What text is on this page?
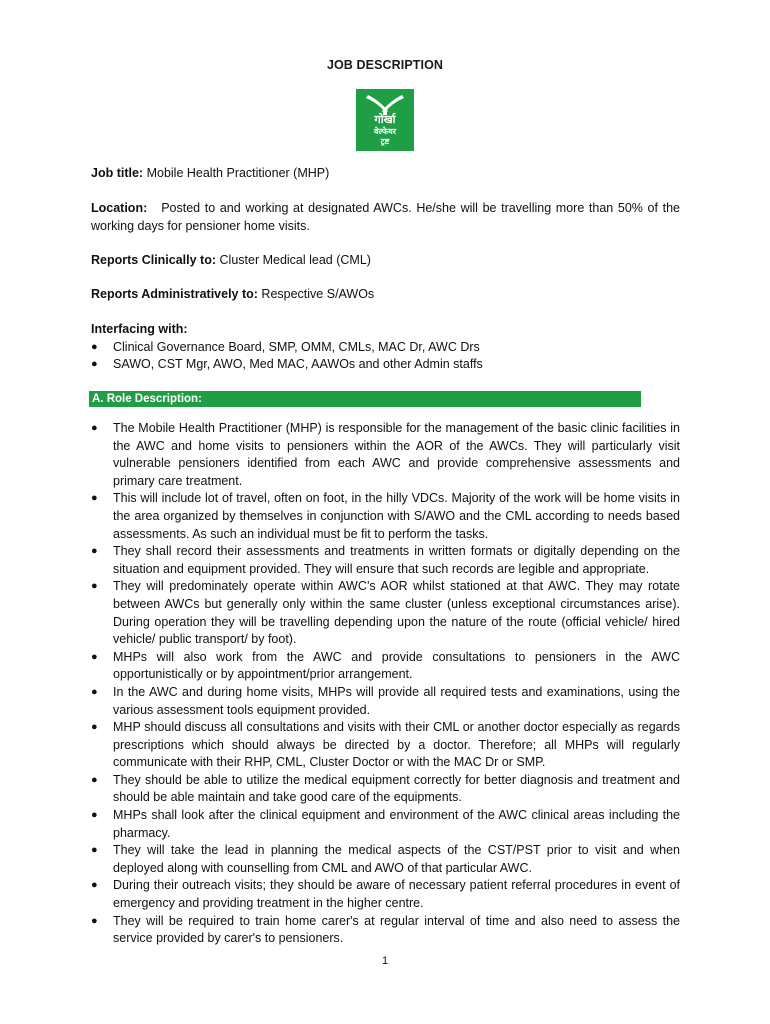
JOB DESCRIPTION
गोर्खा
वेल्फेयर
ट्रष्ट
Job title: Mobile Health Practitioner (MHP)
Location: Posted to and working at designated AWCs. He/she will be travelling more than 50% of the working days for pensioner home visits.
Reports Clinically to: Cluster Medical lead (CML)
Reports Administratively to: Respective S/AWOs
Interfacing with:
● Clinical Governance Board, SMP, OMM, CMLs, MAC Dr, AWC Drs
● SAWO, CST Mgr, AWO, Med MAC, AAWOs and other Admin staffs
A. Role Description:
● The Mobile Health Practitioner (MHP) is responsible for the management of the basic clinic facilities in the AWC and home visits to pensioners within the AOR of the AWCs. They will particularly visit vulnerable pensioners identified from each AWC and provide comprehensive assessments and primary care treatment.
● This will include lot of travel, often on foot, in the hilly VDCs. Majority of the work will be home visits in the area organized by themselves in conjunction with S/AWO and the CML according to needs based assessments. As such an individual must be fit to perform the tasks.
● They shall record their assessments and treatments in written formats or digitally depending on the situation and equipment provided. They will ensure that such records are legible and appropriate.
● They will predominately operate within AWC’s AOR whilst stationed at that AWC. They may rotate between AWCs but generally only within the same cluster (unless exceptional circumstances arise). During operation they will be travelling depending upon the nature of the route (official vehicle/ hired vehicle/ public transport/ by foot).
● MHPs will also work from the AWC and provide consultations to pensioners in the AWC opportunistically or by appointment/prior arrangement.
● In the AWC and during home visits, MHPs will provide all required tests and examinations, using the various assessment tools equipment provided.
● MHP should discuss all consultations and visits with their CML or another doctor especially as regards prescriptions which should always be directed by a doctor. Therefore; all MHPs will regularly communicate with their RHP, CML, Cluster Doctor or with the MAC Dr or SMP.
● They should be able to utilize the medical equipment correctly for better diagnosis and treatment and should be able maintain and take good care of the equipments.
● MHPs shall look after the clinical equipment and environment of the AWC clinical areas including the pharmacy.
● They will take the lead in planning the medical aspects of the CST/PST prior to visit and when deployed along with counselling from CML and AWO of that particular AWC.
● During their outreach visits; they should be aware of necessary patient referral procedures in event of emergency and providing treatment in the higher centre.
● They will be required to train home carer's at regular interval of time and also need to assess the service provided by carer's to pensioners.
1
